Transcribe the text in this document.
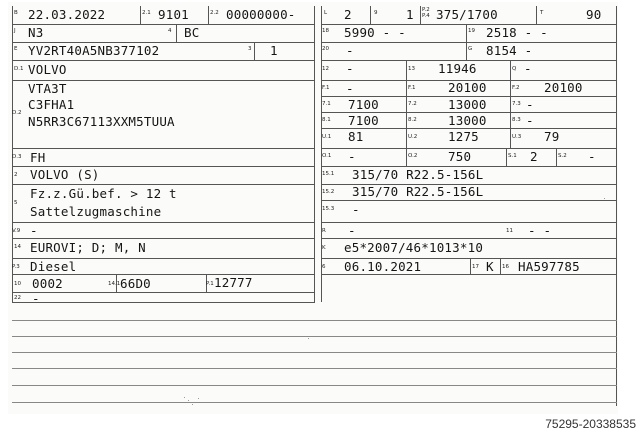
B 22.03.2022	2.1 9101	2.2 00000000-
J N3	4 BC
E YV2RT40A5NB377102	3 1
D.1 VOLVO
D.2
VTA3T
C3FHA1
N5RR3C67113XXM5TUUA
D.3 FH
2 VOLVO (S)
5
Fz.z.Gü.bef. > 12 t
Sattelzugmaschine
V.9 -
14 EUROVI; D; M, N
P.3 Diesel
10 0002	14.1 66D0	P.1 12777
22 -
L 2	9 1 P.2 P.4 375/1700	T	90
18 5990 - -	19 2518 - -
20 -	G 8154 -
12 -	13 11946	Q -
F.1 -	F.1	20100	F.2 20100
7.1 7100	7.2	13000	7.3 -
8.1 7100	8.2	13000	8.3 -
U.1 81	U.2 1275	U.3 79
O.1 -	O.2 750	S.1 2	S.2 -
15.1 315/70 R22.5-156L
15.2 315/70 R22.5-156L
15.3 -
R -	11 - -
K e5*2007/46*1013*10
6 06.10.2021	17 K 16 HA597785
75295-20338535
